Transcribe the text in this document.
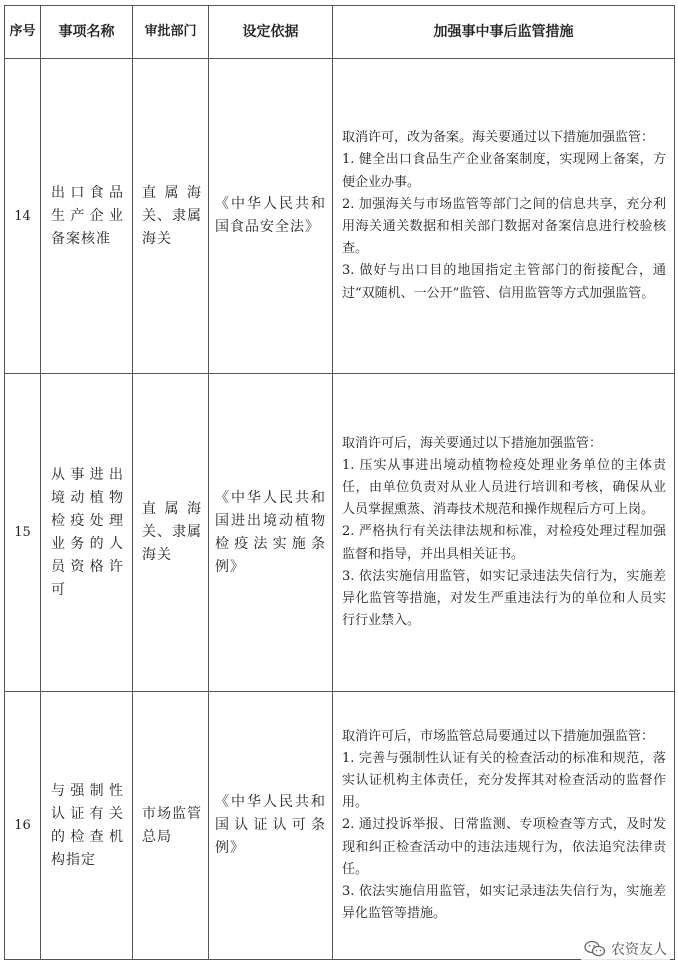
序号	事项名称	审批部门	设定依据	加强事中事后监管措施
14	出口食品生产企业备案核准	直属海关、隶属海关	《中华人民共和国食品安全法》	取消许可，改为备案。海关要通过以下措施加强监管：

1. 健全出口食品生产企业备案制度，实现网上备案，方便企业办事。

2. 加强海关与市场监管等部门之间的信息共享，充分利用海关通关数据和相关部门数据对备案信息进行校验核查。

3. 做好与出口目的地国指定主管部门的衔接配合，通过“双随机、一公开”监管、信用监管等方式加强监管。

15	从事进出境动植物检疫处理业务的人员资格许可	直属海关、隶属海关	《中华人民共和国进出境动植物检疫法实施条例》	取消许可后，海关要通过以下措施加强监管：

1. 压实从事进出境动植物检疫处理业务单位的主体责任，由单位负责对从业人员进行培训和考核，确保从业人员掌握熏蒸、消毒技术规范和操作规程后方可上岗。

2. 严格执行有关法律法规和标准，对检疫处理过程加强监督和指导，并出具相关证书。

3. 依法实施信用监管，如实记录违法失信行为，实施差异化监管等措施，对发生严重违法行为的单位和人员实行行业禁入。

16	与强制性认证有关的检查机构指定	市场监管总局	《中华人民共和国认证认可条例》	取消许可后，市场监管总局要通过以下措施加强监管：

1. 完善与强制性认证有关的检查活动的标准和规范，落实认证机构主体责任，充分发挥其对检查活动的监督作用。

2. 通过投诉举报、日常监测、专项检查等方式，及时发现和纠正检查活动中的违法违规行为，依法追究法律责任。

3. 依法实施信用监管，如实记录违法失信行为，实施差异化监管等措施。

农资友人
